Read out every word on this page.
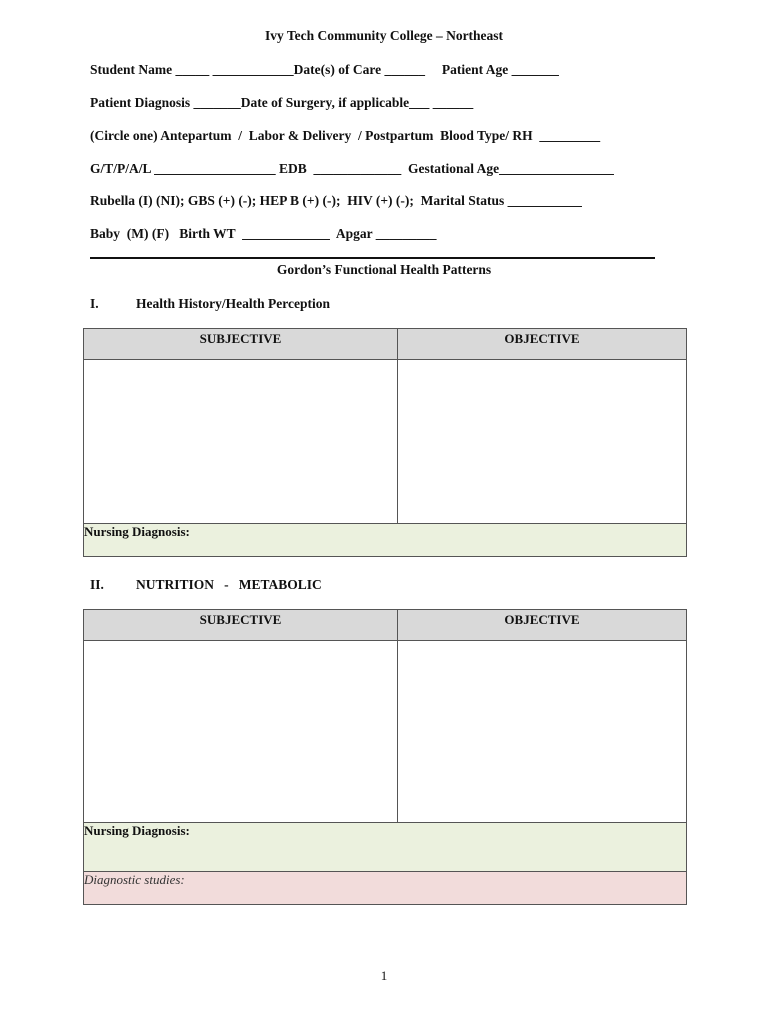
Ivy Tech Community College – Northeast
Student Name _____ ____________Date(s) of Care ______     Patient Age _______
Patient Diagnosis _______Date of Surgery, if applicable___ ______
(Circle one) Antepartum  /  Labor & Delivery  / Postpartum  Blood Type/ RH  _________
G/T/P/A/L __________________ EDB  _____________  Gestational Age_________________
Rubella (I) (NI); GBS (+) (-); HEP B (+) (-);  HIV (+) (-);  Marital Status ___________
Baby  (M) (F)   Birth WT  _____________  Apgar _________
Gordon’s Functional Health Patterns
I.	Health History/Health Perception
SUBJECTIVE	OBJECTIVE

Nursing Diagnosis:	
II. NUTRITION   -   METABOLIC
SUBJECTIVE	OBJECTIVE

Nursing Diagnosis:	
Diagnostic studies:	
1
